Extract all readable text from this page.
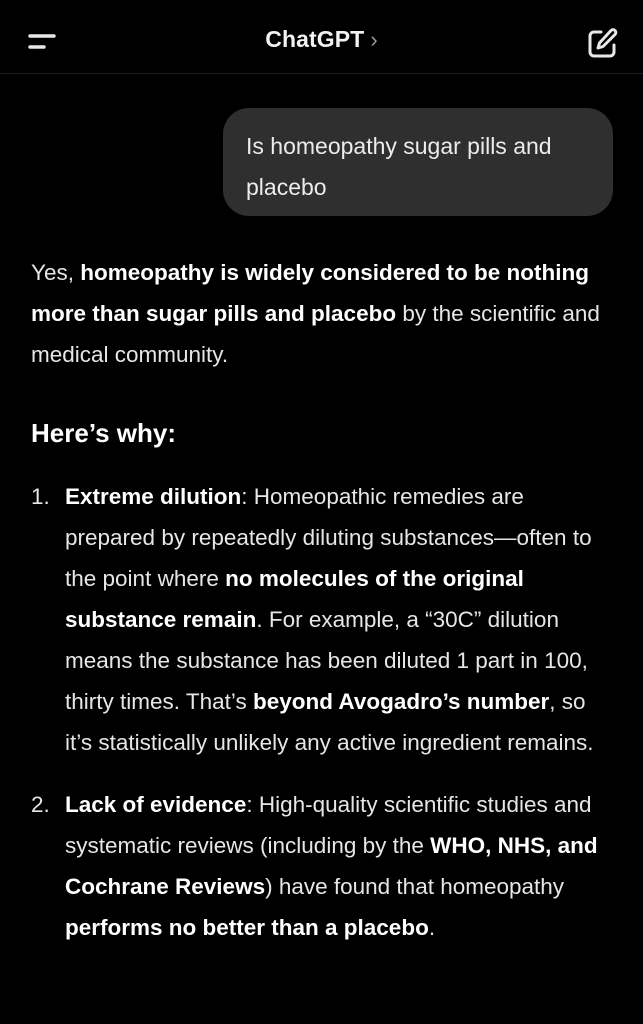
ChatGPT ›
Is homeopathy sugar pills and placebo

Yes, homeopathy is widely considered to be nothing more than sugar pills and placebo by the scientific and medical community.

Here’s why:
1. Extreme dilution: Homeopathic remedies are prepared by repeatedly diluting substances—often to the point where no molecules of the original substance remain. For example, a “30C” dilution means the substance has been diluted 1 part in 100, thirty times. That’s beyond Avogadro’s number, so it’s statistically unlikely any active ingredient remains.
2. Lack of evidence: High-quality scientific studies and systematic reviews (including by the WHO, NHS, and Cochrane Reviews) have found that homeopathy performs no better than a placebo.
